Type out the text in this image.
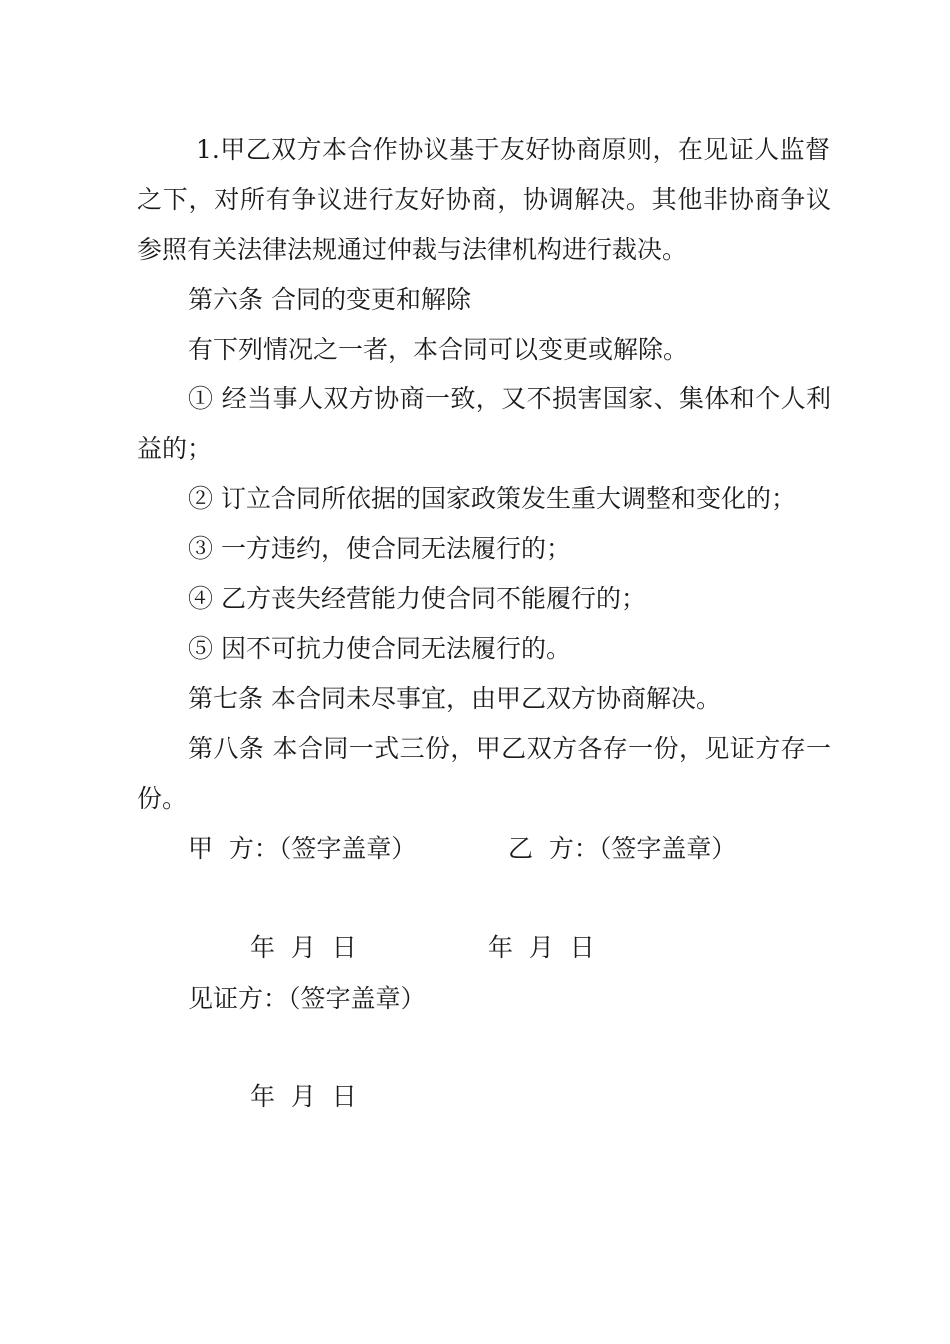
1.甲乙双方本合作协议基于友好协商原则，在见证人监督
之下，对所有争议进行友好协商，协调解决。其他非协商争议
参照有关法律法规通过仲裁与法律机构进行裁决。
第六条 合同的变更和解除
有下列情况之一者，本合同可以变更或解除。
① 经当事人双方协商一致，又不损害国家、集体和个人利
益的；
② 订立合同所依据的国家政策发生重大调整和变化的；
③ 一方违约，使合同无法履行的；
④ 乙方丧失经营能力使合同不能履行的；
⑤ 因不可抗力使合同无法履行的。
第七条 本合同未尽事宜，由甲乙双方协商解决。
第八条 本合同一式三份，甲乙双方各存一份，见证方存一
份。
甲  方：（签字盖章）	乙  方：（签字盖章）
年  月  日	年  月  日
见证方：（签字盖章）
年  月  日
